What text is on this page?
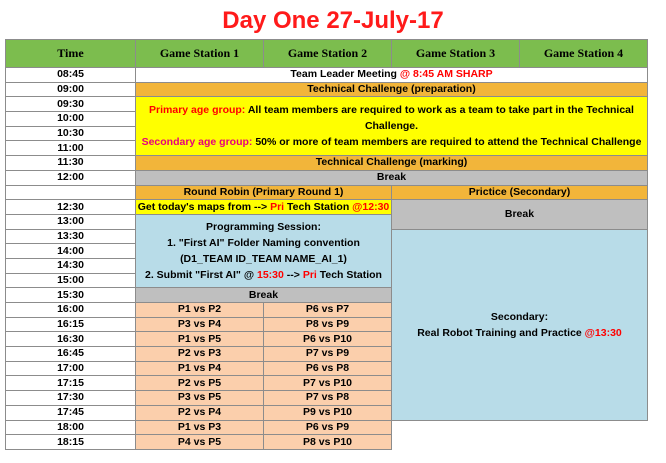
Day One 27-July-17
Time	Game Station 1	Game Station 2	Game Station 3	Game Station 4
08:45	Team Leader Meeting @ 8:45 AM SHARP			
09:00	Technical Challenge (preparation)			
09:30	Primary age group: All team members are required to work as a team to take part in the Technical Challenge.
Secondary age group: 50% or more of team members are required to attend the Technical Challenge			

10:00				
10:30				
11:00				
11:30	Technical Challenge (marking)			
12:00	Break			
	Round Robin (Primary Round 1)		Prictice (Secondary)	
12:30	Get today's maps from --> Pri Tech Station @12:30		Break	
13:00	Programming Session:
1. "First AI" Folder Naming convention
(D1_TEAM ID_TEAM NAME_AI_1)
2. Submit "First AI" @ 15:30 --> Pri Tech Station			

13:30			Secondary:
Real Robot Training and Practice @13:30	

14:00				
14:30				
15:00				
15:30	Break			
16:00	P1 vs P2	P6 vs P7		
16:15	P3 vs P4	P8 vs P9		
16:30	P1 vs P5	P6 vs P10		
16:45	P2 vs P3	P7 vs P9		
17:00	P1 vs P4	P6 vs P8		
17:15	P2 vs P5	P7 vs P10		
17:30	P3 vs P5	P7 vs P8		
17:45	P2 vs P4	P9 vs P10		
18:00	P1 vs P3	P6 vs P9		
18:15	P4 vs P5	P8 vs P10		
